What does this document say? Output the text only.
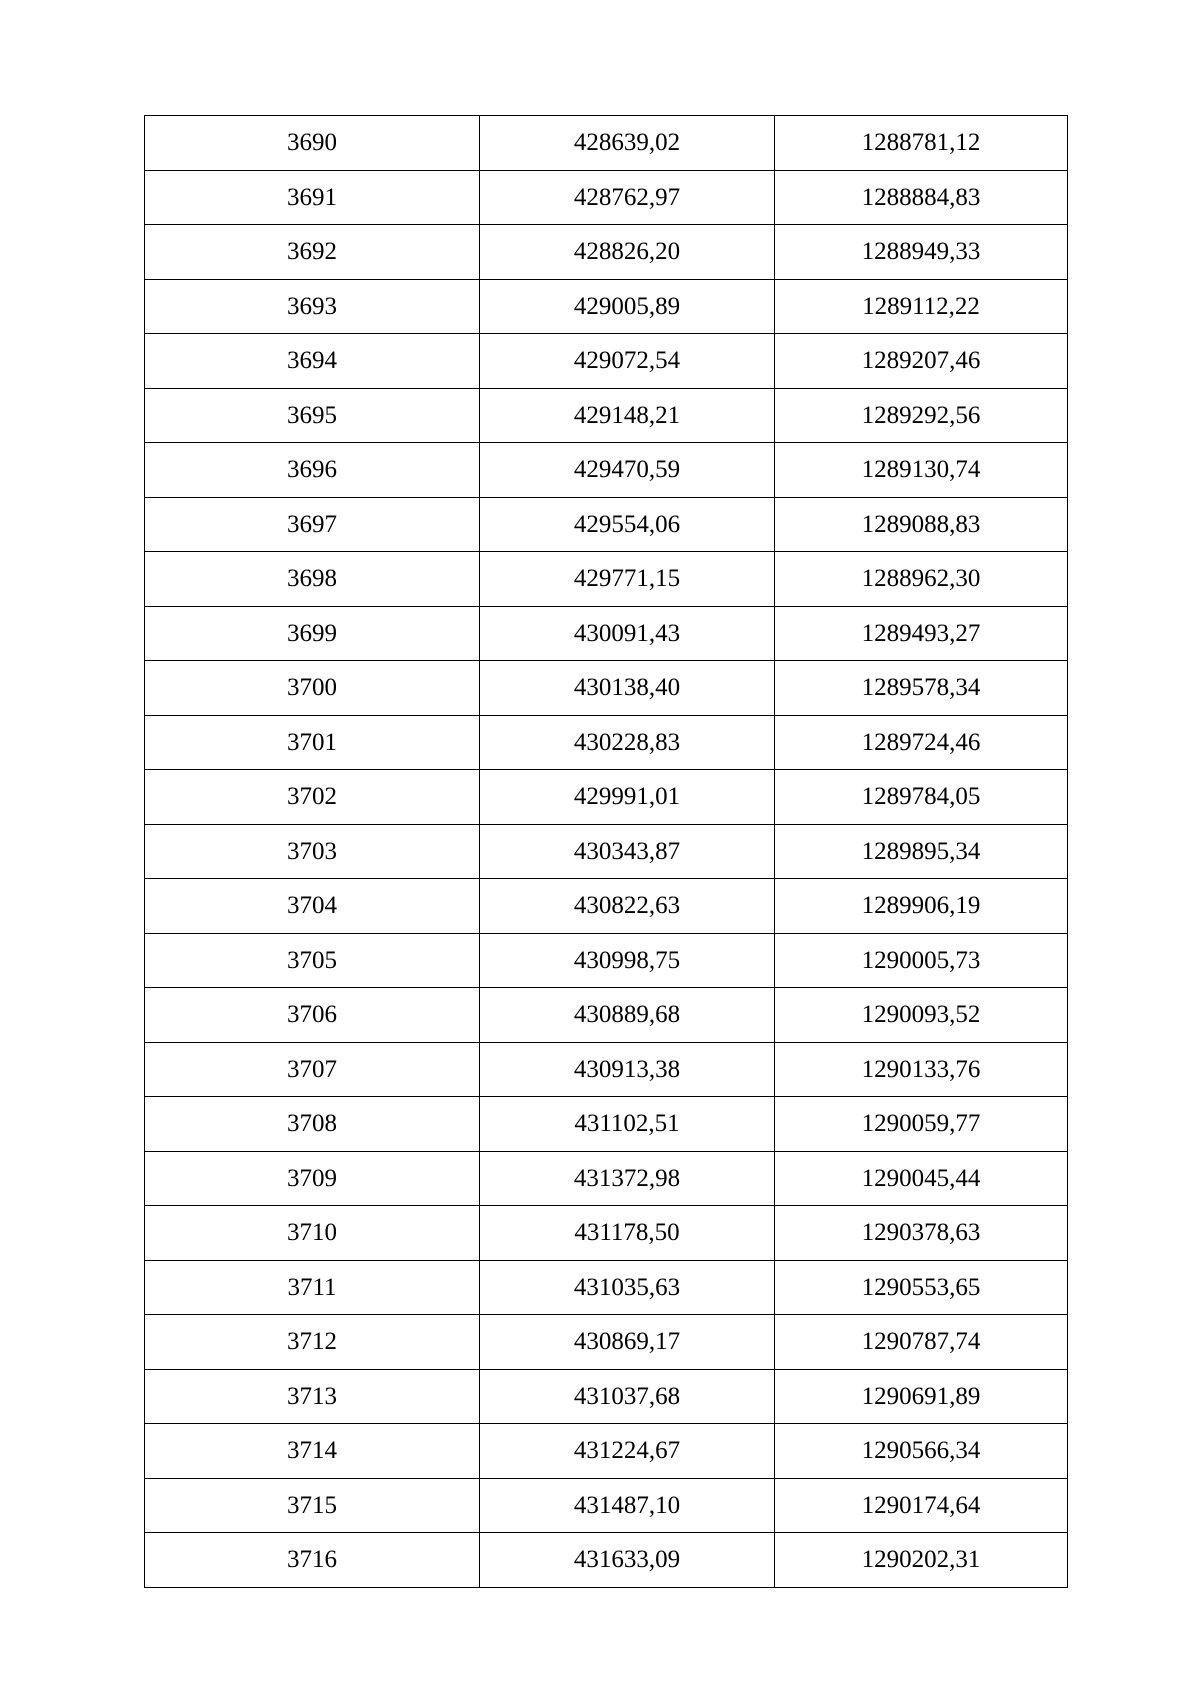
3690	428639,02	1288781,12
3691	428762,97	1288884,83
3692	428826,20	1288949,33
3693	429005,89	1289112,22
3694	429072,54	1289207,46
3695	429148,21	1289292,56
3696	429470,59	1289130,74
3697	429554,06	1289088,83
3698	429771,15	1288962,30
3699	430091,43	1289493,27
3700	430138,40	1289578,34
3701	430228,83	1289724,46
3702	429991,01	1289784,05
3703	430343,87	1289895,34
3704	430822,63	1289906,19
3705	430998,75	1290005,73
3706	430889,68	1290093,52
3707	430913,38	1290133,76
3708	431102,51	1290059,77
3709	431372,98	1290045,44
3710	431178,50	1290378,63
3711	431035,63	1290553,65
3712	430869,17	1290787,74
3713	431037,68	1290691,89
3714	431224,67	1290566,34
3715	431487,10	1290174,64
3716	431633,09	1290202,31
